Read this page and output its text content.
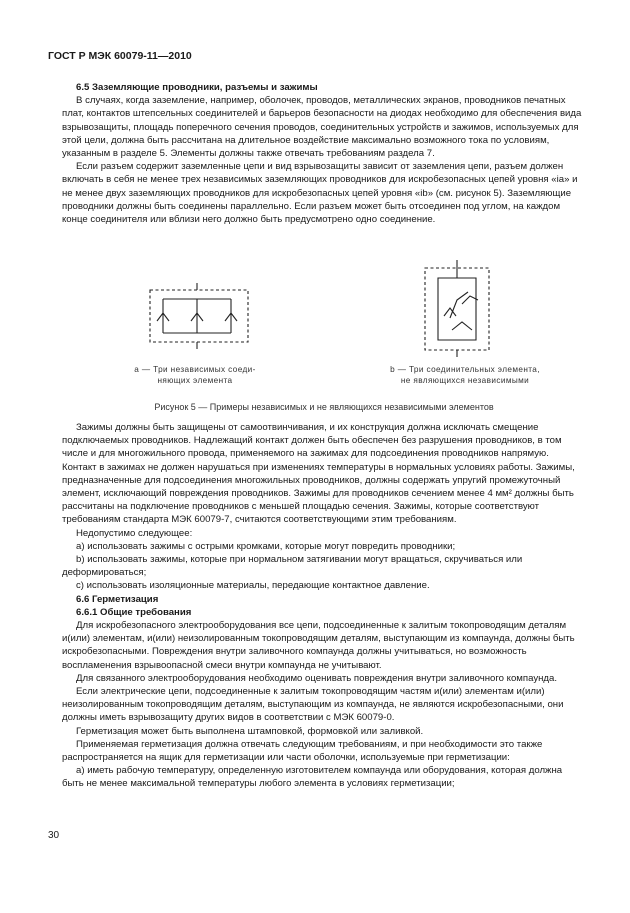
ГОСТ Р МЭК 60079-11—2010

6.5 Заземляющие проводники, разъемы и зажимы

В случаях, когда заземление, например, оболочек, проводов, металлических экранов, проводников печатных плат, контактов штепсельных соединителей и барьеров безопасности на диодах необходимо для обеспечения вида взрывозащиты, площадь поперечного сечения проводов, соединительных устройств и зажимов, используемых для этой цели, должна быть рассчитана на длительное воздействие максимально возможного тока по условиям, указанным в разделе 5. Элементы должны также отвечать требованиям раздела 7.

Если разъем содержит заземленные цепи и вид взрывозащиты зависит от заземления цепи, разъем должен включать в себя не менее трех независимых заземляющих проводников для искробезопасных цепей уровня «ia» и не менее двух заземляющих проводников для искробезопасных цепей уровня «ib» (см. рисунок 5). Заземляющие проводники должны быть соединены параллельно. Если разъем может быть отсоединен под углом, на каждом конце соединителя или вблизи него должно быть предусмотрено одно соединение.

а — Три независимых соеди-
няющих элемента
b — Три соединительных элемента,
не являющихся независимыми
Рисунок 5 — Примеры независимых и не являющихся независимыми элементов

Зажимы должны быть защищены от самоотвинчивания, и их конструкция должна исключать смещение подключаемых проводников. Надлежащий контакт должен быть обеспечен без разрушения проводников, в том числе и для многожильного провода, применяемого на зажимах для подсоединения проводников напрямую. Контакт в зажимах не должен нарушаться при изменениях температуры в нормальных условиях работы. Зажимы, предназначенные для подсоединения многожильных проводников, должны содержать упругий промежуточный элемент, исключающий повреждения проводников. Зажимы для проводников сечением менее 4 мм² должны быть рассчитаны на подключение проводников с меньшей площадью сечения. Зажимы, которые соответствуют требованиям стандарта МЭК 60079-7, считаются соответствующими этим требованиям.

Недопустимо следующее:

а) использовать зажимы с острыми кромками, которые могут повредить проводники;

b) использовать зажимы, которые при нормальном затягивании могут вращаться, скручиваться или деформироваться;

с) использовать изоляционные материалы, передающие контактное давление.

6.6 Герметизация

6.6.1 Общие требования

Для искробезопасного электрооборудования все цепи, подсоединенные к залитым токопроводящим деталям и(или) элементам, и(или) неизолированным токопроводящим деталям, выступающим из компаунда, должны быть искробезопасными. Повреждения внутри заливочного компаунда должны учитываться, но возможность воспламенения взрывоопасной смеси внутри компаунда не учитывают.

Для связанного электрооборудования необходимо оценивать повреждения внутри заливочного компаунда.

Если электрические цепи, подсоединенные к залитым токопроводящим частям и(или) элементам и(или) неизолированным токопроводящим деталям, выступающим из компаунда, не являются искробезопасными, они должны иметь взрывозащиту других видов в соответствии с МЭК 60079-0.

Герметизация может быть выполнена штамповкой, формовкой или заливкой.

Применяемая герметизация должна отвечать следующим требованиям, и при необходимости это также распространяется на ящик для герметизации или части оболочки, используемые при герметизации:

а) иметь рабочую температуру, определенную изготовителем компаунда или оборудования, которая должна быть не менее максимальной температуры любого элемента в условиях герметизации;

30
